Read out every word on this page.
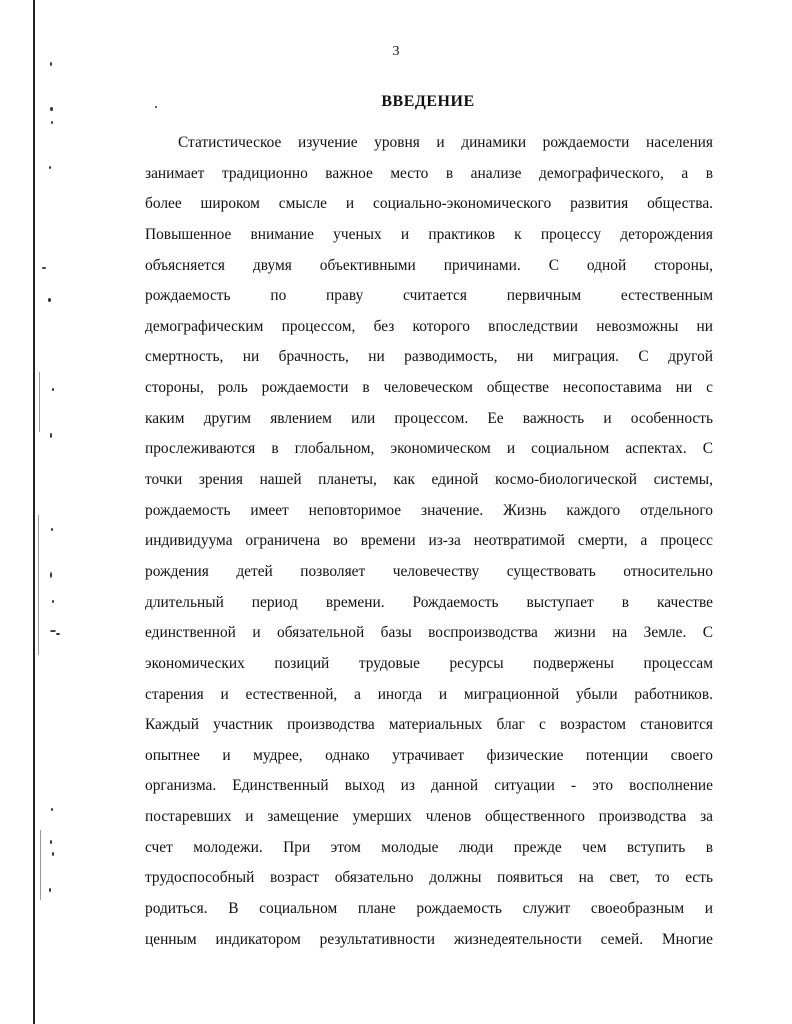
3
ВВЕДЕНИЕ
Статистическое изучение уровня и динамики рождаемости населения
занимает традиционно важное место в анализе демографического, а в
более широком смысле и социально-экономического развития общества.
Повышенное внимание ученых и практиков к процессу деторождения
объясняется двумя объективными причинами. С одной стороны,
рождаемость по праву считается первичным естественным
демографическим процессом, без которого впоследствии невозможны ни
смертность, ни брачность, ни разводимость, ни миграция. С другой
стороны, роль рождаемости в человеческом обществе несопоставима ни с
каким другим явлением или процессом. Ее важность и особенность
прослеживаются в глобальном, экономическом и социальном аспектах. С
точки зрения нашей планеты, как единой космо-биологической системы,
рождаемость имеет неповторимое значение. Жизнь каждого отдельного
индивидуума ограничена во времени из-за неотвратимой смерти, а процесс
рождения детей позволяет человечеству существовать относительно
длительный период времени. Рождаемость выступает в качестве
единственной и обязательной базы воспроизводства жизни на Земле. С
экономических позиций трудовые ресурсы подвержены процессам
старения и естественной, а иногда и миграционной убыли работников.
Каждый участник производства материальных благ с возрастом становится
опытнее и мудрее, однако утрачивает физические потенции своего
организма. Единственный выход из данной ситуации - это восполнение
постаревших и замещение умерших членов общественного производства за
счет молодежи. При этом молодые люди прежде чем вступить в
трудоспособный возраст обязательно должны появиться на свет, то есть
родиться. В социальном плане рождаемость служит своеобразным и
ценным индикатором результативности жизнедеятельности семей. Многие
